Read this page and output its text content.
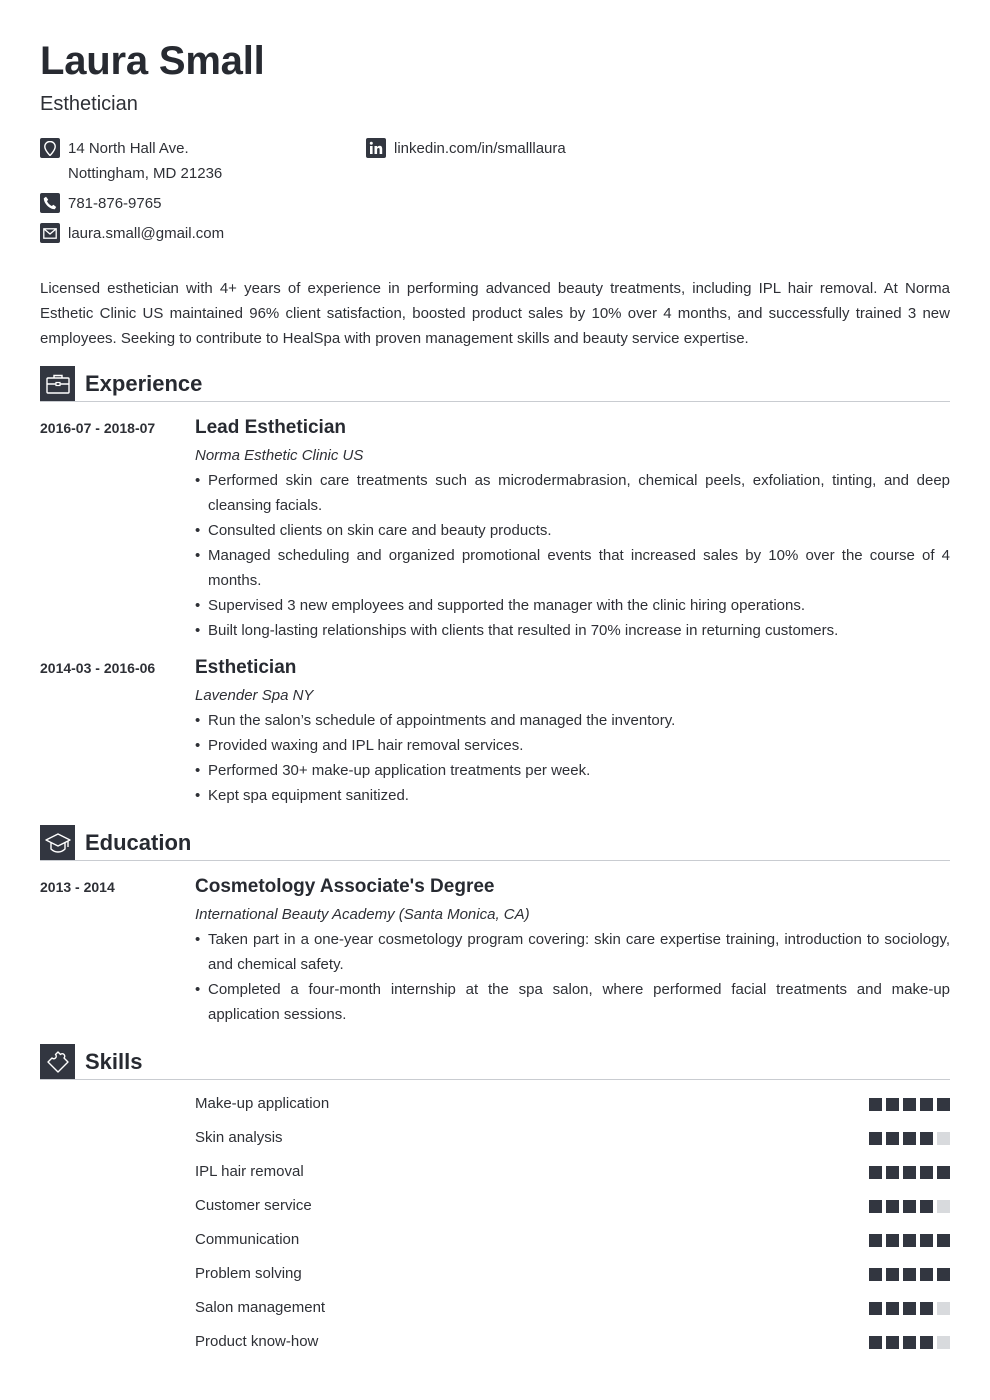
Laura Small
Esthetician
14 North Hall Ave.
Nottingham, MD 21236
781-876-9765
laura.small@gmail.com
linkedin.com/in/smalllaura

Licensed esthetician with 4+ years of experience in performing advanced beauty treatments, including IPL hair removal. At Norma Esthetic Clinic US maintained 96% client satisfaction, boosted product sales by 10% over 4 months, and successfully trained 3 new employees. Seeking to contribute to HealSpa with proven management skills and beauty service expertise.

Experience
2016-07 - 2018-07 Lead Esthetician
Norma Esthetic Clinic US
• Performed skin care treatments such as microdermabrasion, chemical peels, exfoliation, tinting, and deep cleansing facials.
• Consulted clients on skin care and beauty products.
• Managed scheduling and organized promotional events that increased sales by 10% over the course of 4 months.
• Supervised 3 new employees and supported the manager with the clinic hiring operations.
• Built long-lasting relationships with clients that resulted in 70% increase in returning customers.
2014-03 - 2016-06 Esthetician
Lavender Spa NY
• Run the salon’s schedule of appointments and managed the inventory.
• Provided waxing and IPL hair removal services.
• Performed 30+ make-up application treatments per week.
• Kept spa equipment sanitized.
Education
2013 - 2014	Cosmetology Associate's Degree
International Beauty Academy (Santa Monica, CA)
• Taken part in a one-year cosmetology program covering: skin care expertise training, introduction to sociology, and chemical safety.
• Completed a four-month internship at the spa salon, where performed facial treatments and make-up application sessions.
Skills
Make-up application
Skin analysis
IPL hair removal
Customer service
Communication
Problem solving
Salon management
Product know-how
